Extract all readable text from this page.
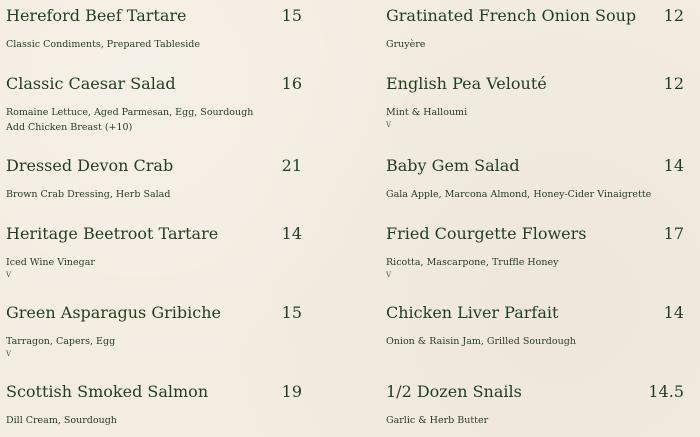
Hereford Beef Tartare	15
Classic Condiments, Prepared Tableside
Classic Caesar Salad	16
Romaine Lettuce, Aged Parmesan, Egg, Sourdough
Add Chicken Breast (+10)
Dressed Devon Crab	21
Brown Crab Dressing, Herb Salad
Heritage Beetroot Tartare	14
Iced Wine Vinegar
V
Green Asparagus Gribiche	15
Tarragon, Capers, Egg
V
Scottish Smoked Salmon	19
Dill Cream, Sourdough
Gratinated French Onion Soup 12
Gruyère
English Pea Velouté	12
Mint & Halloumi
V
Baby Gem Salad	14
Gala Apple, Marcona Almond, Honey-Cider Vinaigrette
Fried Courgette Flowers	17
Ricotta, Mascarpone, Truffle Honey
V
Chicken Liver Parfait	14
Onion & Raisin Jam, Grilled Sourdough
1/2 Dozen Snails	14.5
Garlic & Herb Butter
